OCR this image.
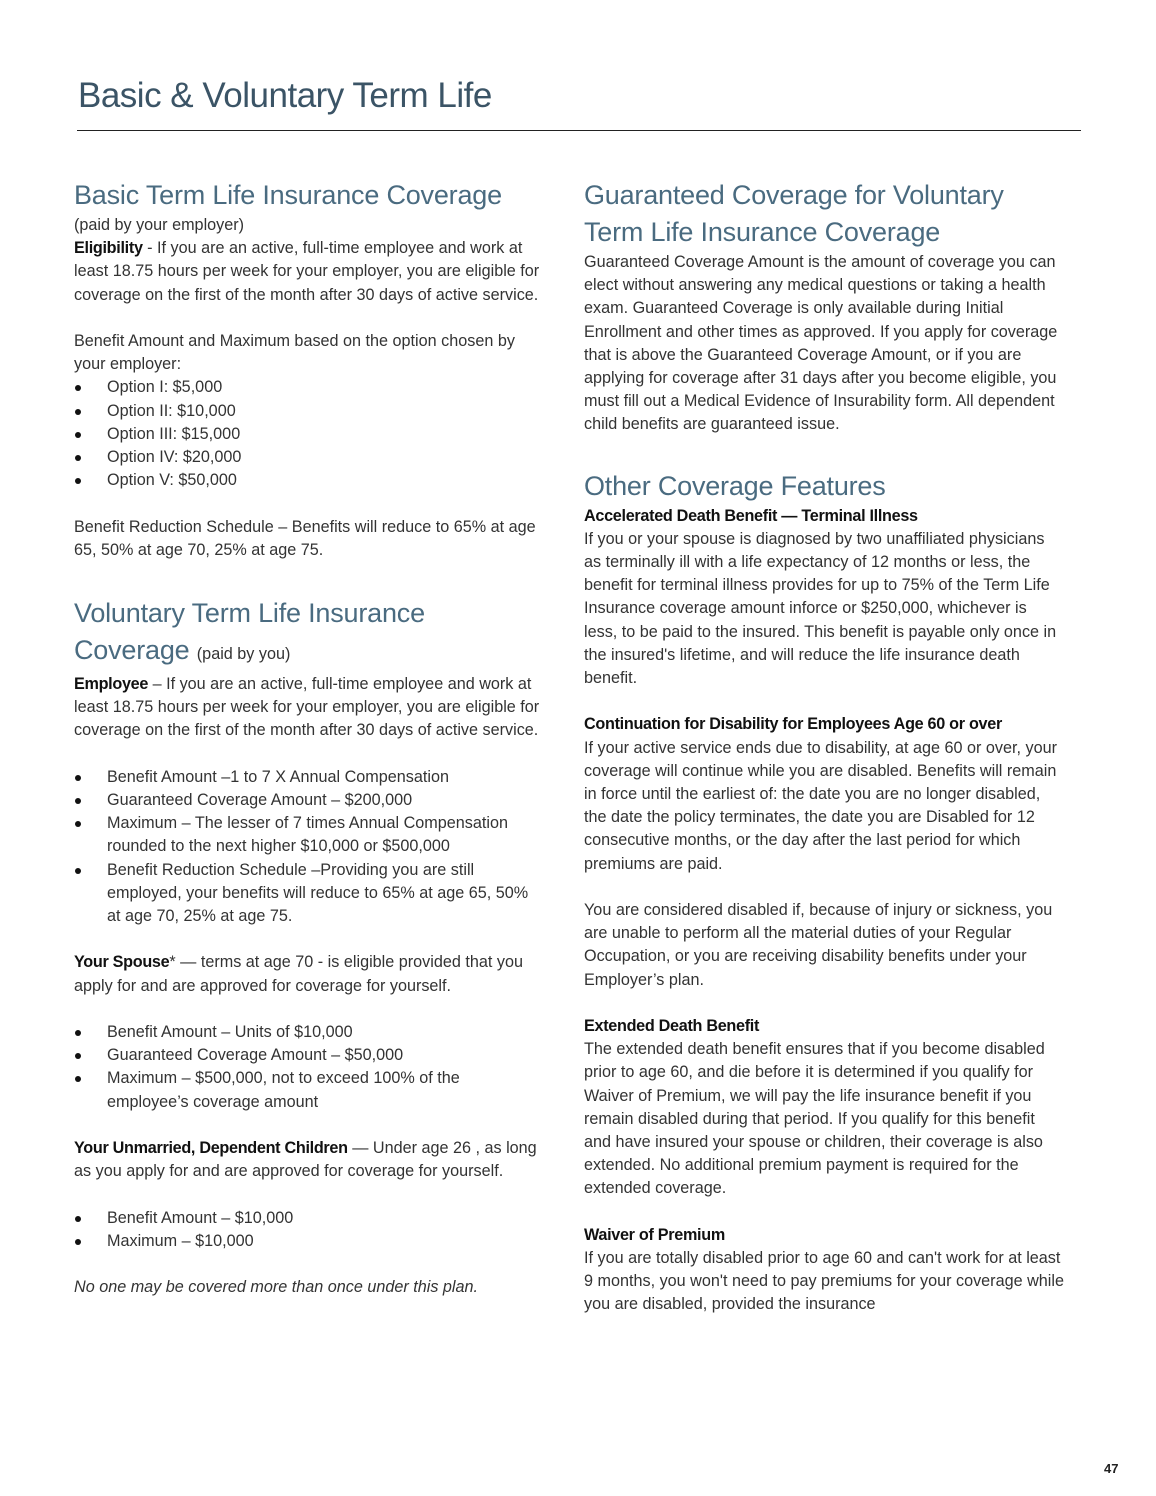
Basic & Voluntary Term Life
Basic Term Life Insurance Coverage

(paid by your employer)

Eligibility - If you are an active, full-time employee and work at least 18.75 hours per week for your employer, you are eligible for coverage on the first of the month after 30 days of active service.

Benefit Amount and Maximum based on the option chosen by your employer:

Option I: $5,000
Option II: $10,000
Option III: $15,000
Option IV: $20,000
Option V: $50,000

Benefit Reduction Schedule – Benefits will reduce to 65% at age 65, 50% at age 70, 25% at age 75.

Voluntary Term Life Insurance
Coverage (paid by you)

Employee – If you are an active, full-time employee and work at least 18.75 hours per week for your employer, you are eligible for coverage on the first of the month after 30 days of active service.

Benefit Amount –1 to 7 X Annual Compensation
Guaranteed Coverage Amount – $200,000
Maximum – The lesser of 7 times Annual Compensation rounded to the next higher $10,000 or $500,000
Benefit Reduction Schedule –Providing you are still employed, your benefits will reduce to 65% at age 65, 50% at age 70, 25% at age 75.

Your Spouse* — terms at age 70 - is eligible provided that you apply for and are approved for coverage for yourself.

Benefit Amount – Units of $10,000
Guaranteed Coverage Amount – $50,000
Maximum – $500,000, not to exceed 100% of the employee’s coverage amount

Your Unmarried, Dependent Children — Under age 26 , as long as you apply for and are approved for coverage for yourself.

Benefit Amount – $10,000
Maximum – $10,000

No one may be covered more than once under this plan.

Guaranteed Coverage for Voluntary
Term Life Insurance Coverage

Guaranteed Coverage Amount is the amount of coverage you can elect without answering any medical questions or taking a health exam. Guaranteed Coverage is only available during Initial Enrollment and other times as approved. If you apply for coverage that is above the Guaranteed Coverage Amount, or if you are applying for coverage after 31 days after you become eligible, you must fill out a Medical Evidence of Insurability form. All dependent child benefits are guaranteed issue.

Other Coverage Features

Accelerated Death Benefit — Terminal Illness

If you or your spouse is diagnosed by two unaffiliated physicians as terminally ill with a life expectancy of 12 months or less, the benefit for terminal illness provides for up to 75% of the Term Life Insurance coverage amount inforce or $250,000, whichever is less, to be paid to the insured. This benefit is payable only once in the insured's lifetime, and will reduce the life insurance death benefit.

Continuation for Disability for Employees Age 60 or over

If your active service ends due to disability, at age 60 or over, your coverage will continue while you are disabled. Benefits will remain in force until the earliest of: the date you are no longer disabled, the date the policy terminates, the date you are Disabled for 12 consecutive months, or the day after the last period for which premiums are paid.

You are considered disabled if, because of injury or sickness, you are unable to perform all the material duties of your Regular Occupation, or you are receiving disability benefits under your Employer’s plan.

Extended Death Benefit

The extended death benefit ensures that if you become disabled prior to age 60, and die before it is determined if you qualify for Waiver of Premium, we will pay the life insurance benefit if you remain disabled during that period. If you qualify for this benefit and have insured your spouse or children, their coverage is also extended. No additional premium payment is required for the extended coverage.

Waiver of Premium

If you are totally disabled prior to age 60 and can't work for at least 9 months, you won't need to pay premiums for your coverage while you are disabled, provided the insurance

47
